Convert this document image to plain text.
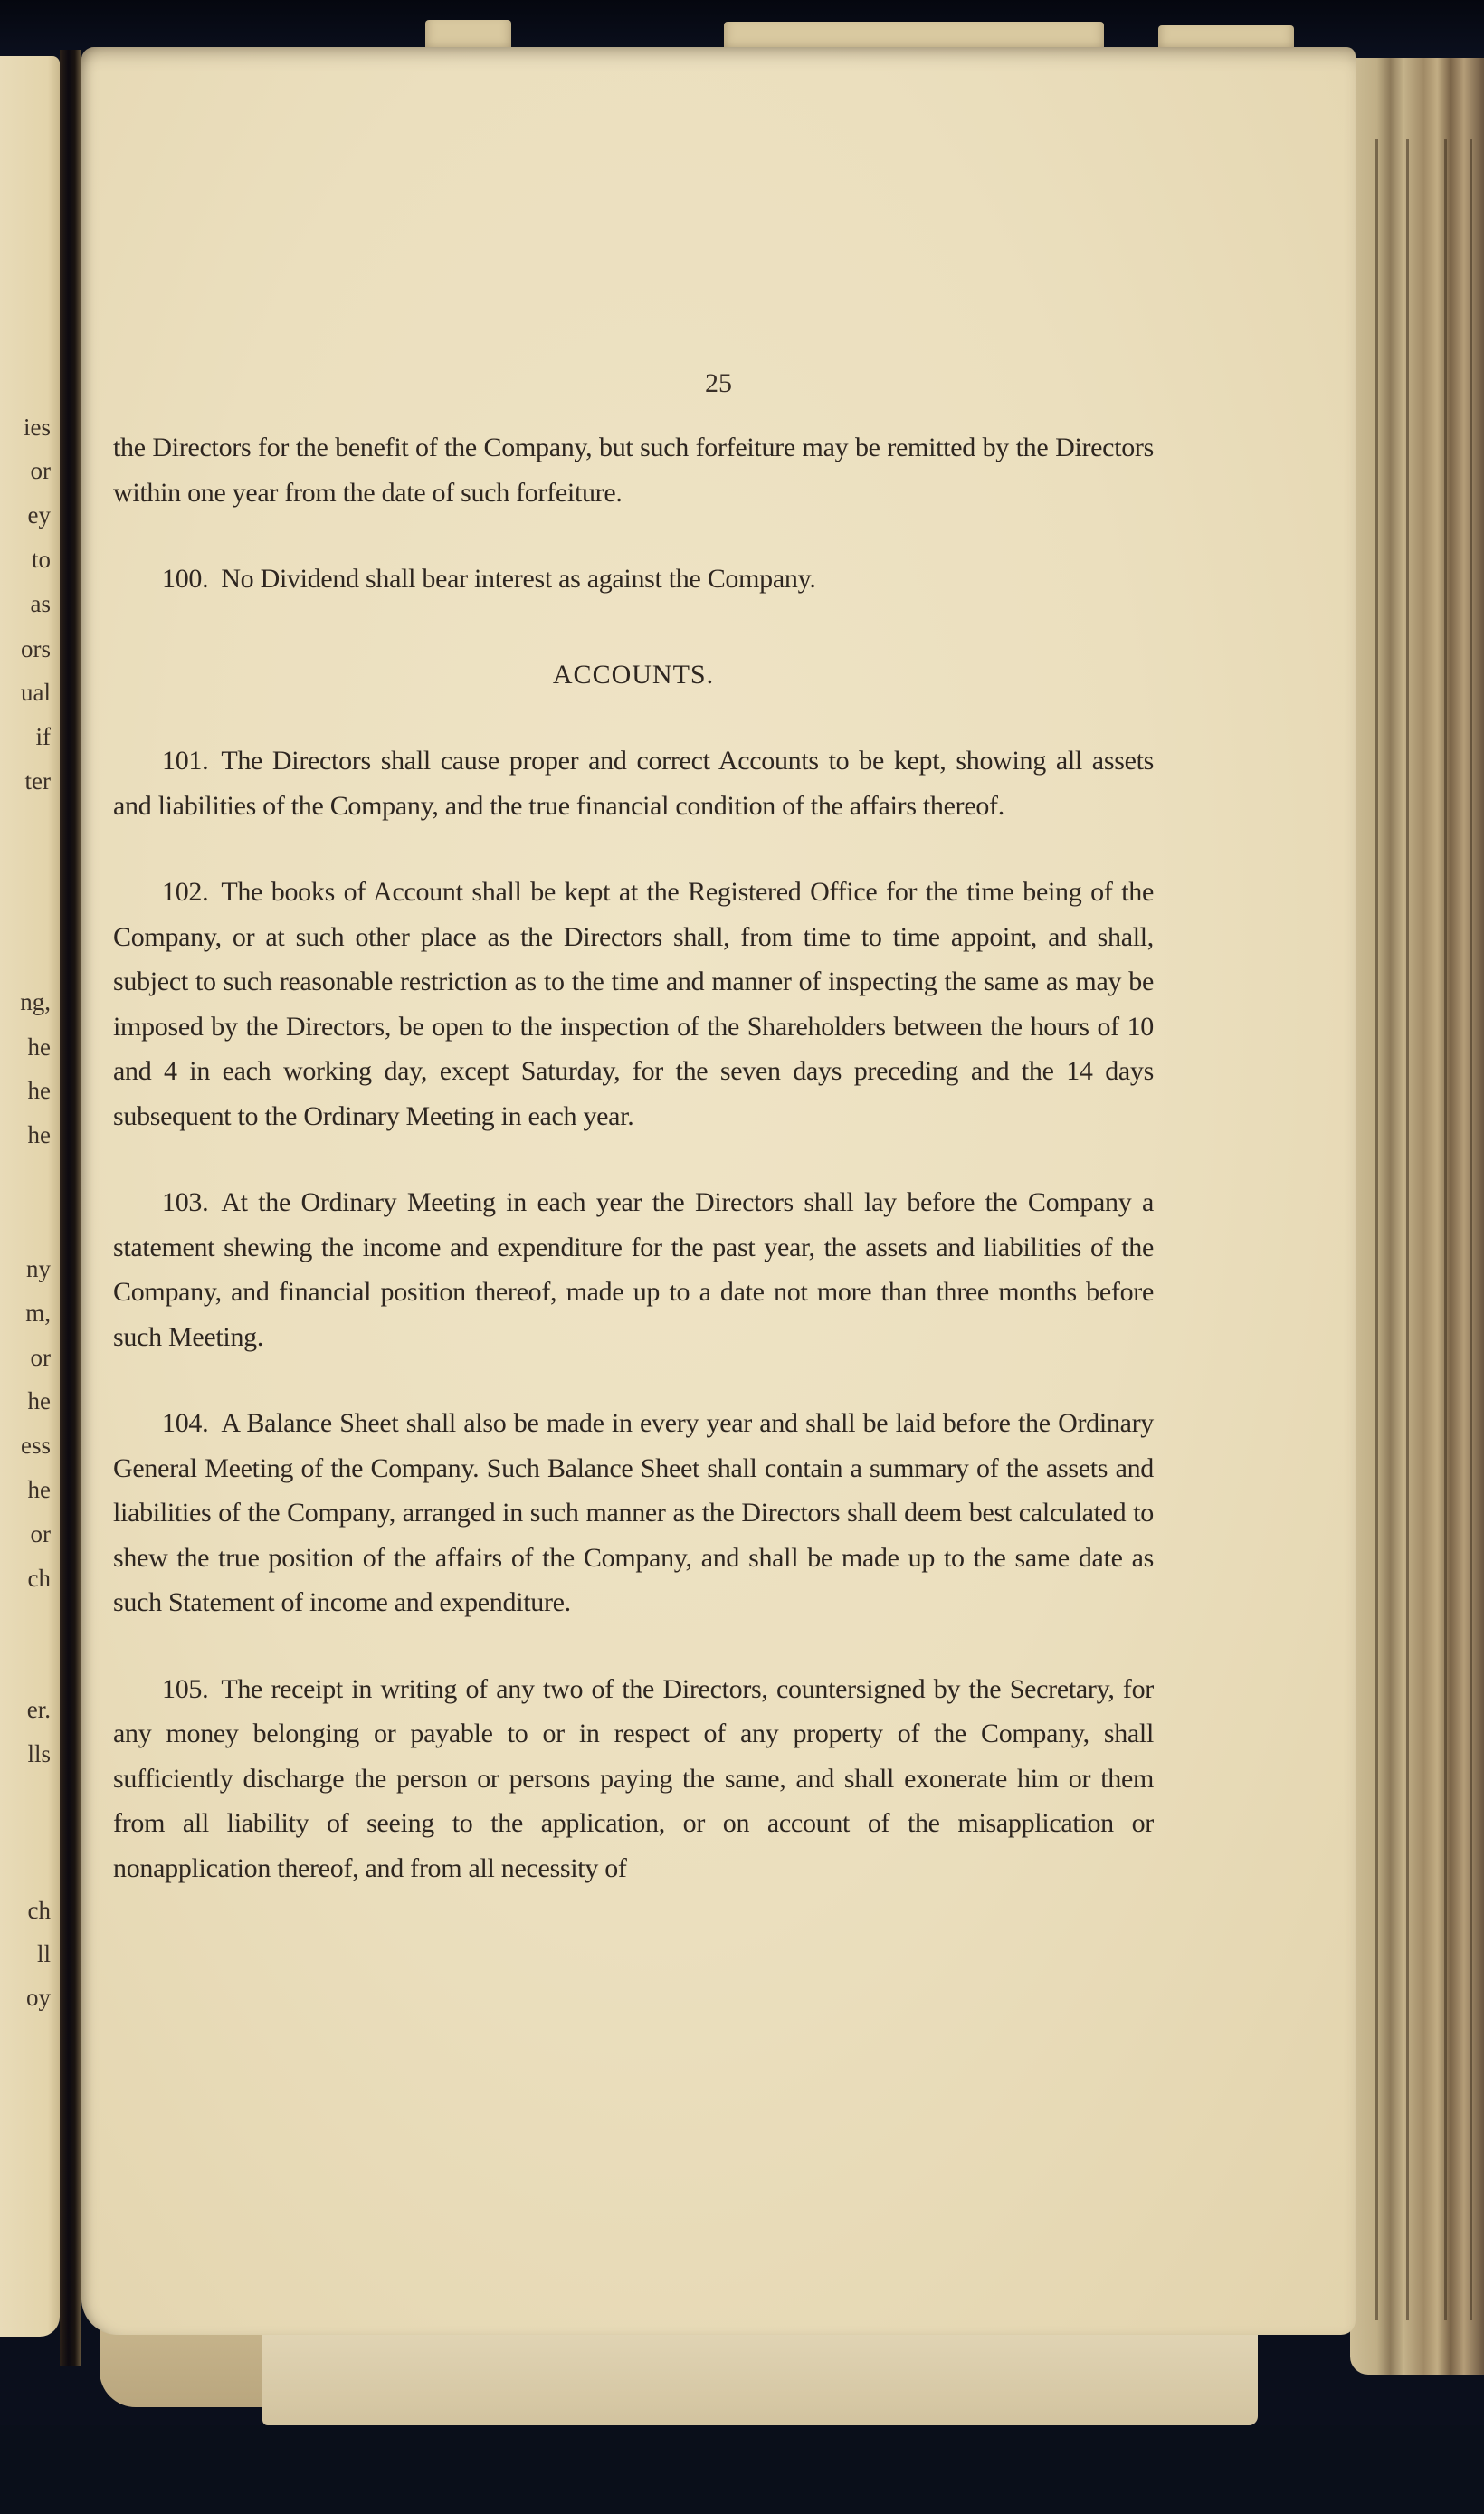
ies
or
ey
to
as
ors
ual
if
ter
ng,
he
he
he
ny
m,
or
he
ess
he
or
ch
er.
lls
ch
ll
oy
25

the Directors for the benefit of the Company, but such forfeiture may be remitted by the Directors within one year from the date of such forfeiture.

100. No Dividend shall bear interest as against the Company.

ACCOUNTS.

101. The Directors shall cause proper and correct Accounts to be kept, showing all assets and liabilities of the Company, and the true financial condition of the affairs thereof.

102. The books of Account shall be kept at the Registered Office for the time being of the Company, or at such other place as the Directors shall, from time to time appoint, and shall, subject to such reasonable restriction as to the time and manner of inspecting the same as may be imposed by the Directors, be open to the inspection of the Shareholders between the hours of 10 and 4 in each working day, except Saturday, for the seven days preceding and the 14 days subsequent to the Ordinary Meeting in each year.

103. At the Ordinary Meeting in each year the Directors shall lay before the Company a statement shewing the income and expenditure for the past year, the assets and liabilities of the Company, and financial position thereof, made up to a date not more than three months before such Meeting.

104. A Balance Sheet shall also be made in every year and shall be laid before the Ordinary General Meeting of the Company. Such Balance Sheet shall contain a summary of the assets and liabilities of the Company, arranged in such manner as the Directors shall deem best calculated to shew the true position of the affairs of the Company, and shall be made up to the same date as such Statement of income and expenditure.

105. The receipt in writing of any two of the Directors, countersigned by the Secretary, for any money belonging or payable to or in respect of any property of the Company, shall sufficiently discharge the person or persons paying the same, and shall exonerate him or them from all liability of seeing to the application, or on account of the misapplication or nonapplication thereof, and from all necessity of
